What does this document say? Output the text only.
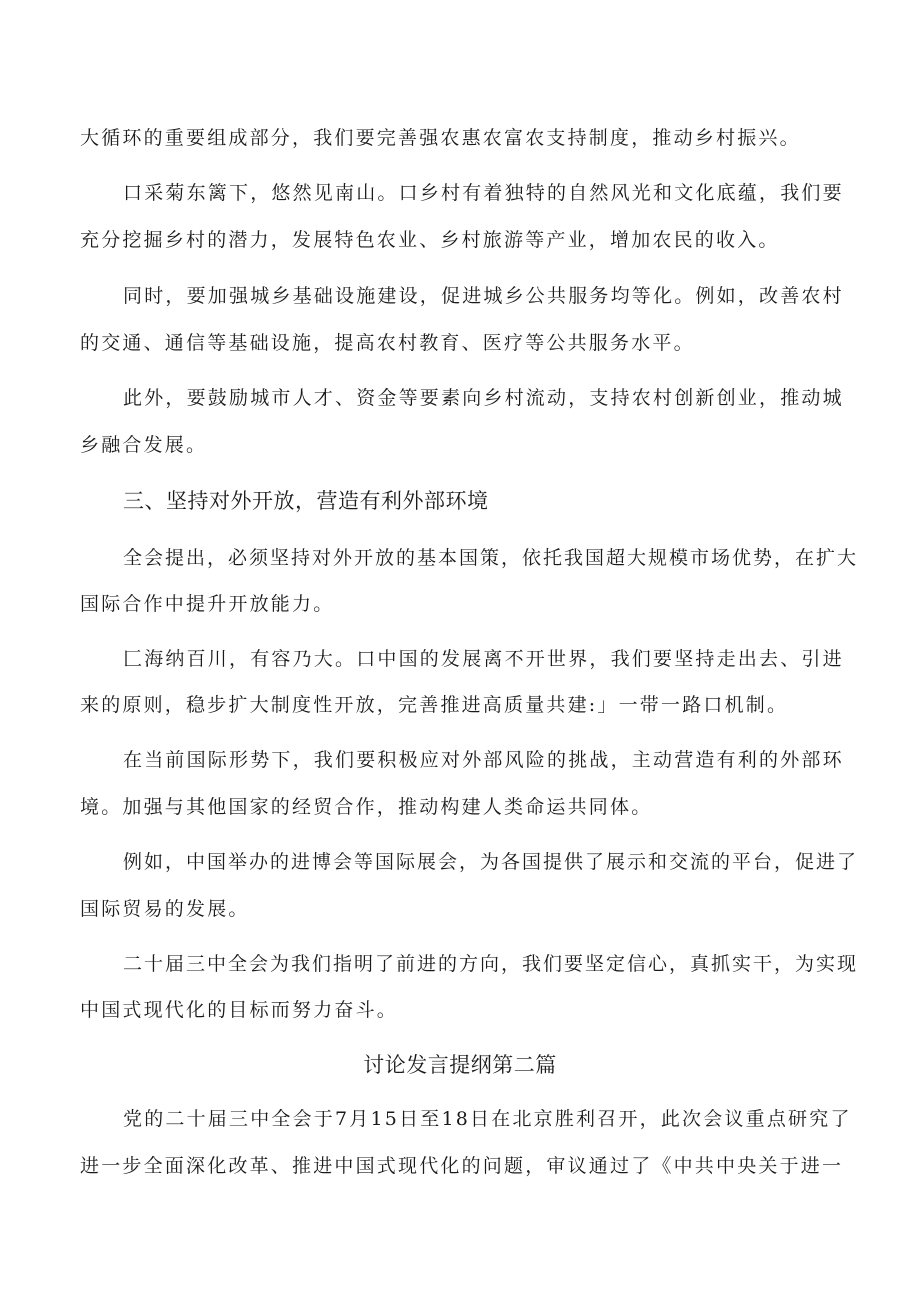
大循环的重要组成部分，我们要完善强农惠农富农支持制度，推动乡村振兴。

口采菊东篱下，悠然见南山。口乡村有着独特的自然风光和文化底蕴，我们要

充分挖掘乡村的潜力，发展特色农业、乡村旅游等产业，增加农民的收入。

同时，要加强城乡基础设施建设，促进城乡公共服务均等化。例如，改善农村

的交通、通信等基础设施，提高农村教育、医疗等公共服务水平。

此外，要鼓励城市人才、资金等要素向乡村流动，支持农村创新创业，推动城

乡融合发展。

三、坚持对外开放，营造有利外部环境

全会提出，必须坚持对外开放的基本国策，依托我国超大规模市场优势，在扩大

国际合作中提升开放能力。

匚海纳百川，有容乃大。口中国的发展离不开世界，我们要坚持走出去、引进

来的原则，稳步扩大制度性开放，完善推进高质量共建:」一带一路口机制。

在当前国际形势下，我们要积极应对外部风险的挑战，主动营造有利的外部环

境。加强与其他国家的经贸合作，推动构建人类命运共同体。

例如，中国举办的进博会等国际展会，为各国提供了展示和交流的平台，促进了

国际贸易的发展。

二十届三中全会为我们指明了前进的方向，我们要坚定信心，真抓实干，为实现

中国式现代化的目标而努力奋斗。

讨论发言提纲第二篇

党的二十届三中全会于7月15日至18日在北京胜利召开，此次会议重点研究了

进一步全面深化改革、推进中国式现代化的问题，审议通过了《中共中央关于进一
